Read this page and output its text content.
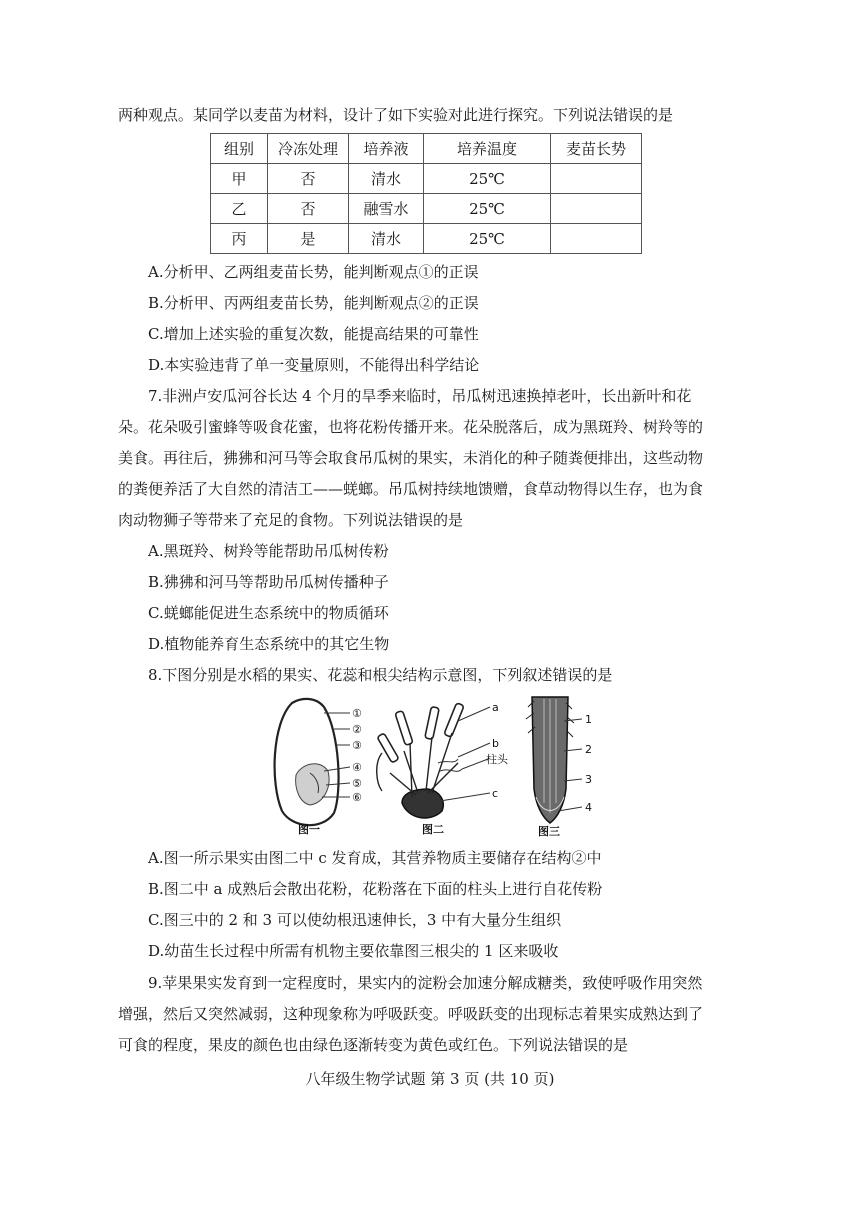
两种观点。某同学以麦苗为材料，设计了如下实验对此进行探究。下列说法错误的是
组别	冷冻处理	培养液	培养温度	麦苗长势
甲	否	清水	25℃	
乙	否	融雪水	25℃	
丙	是	清水	25℃	
A.分析甲、乙两组麦苗长势，能判断观点①的正误
B.分析甲、丙两组麦苗长势，能判断观点②的正误
C.增加上述实验的重复次数，能提高结果的可靠性
D.本实验违背了单一变量原则，不能得出科学结论
7.非洲卢安瓜河谷长达 4 个月的旱季来临时，吊瓜树迅速换掉老叶，长出新叶和花
朵。花朵吸引蜜蜂等吸食花蜜，也将花粉传播开来。花朵脱落后，成为黑斑羚、树羚等的
美食。再往后，狒狒和河马等会取食吊瓜树的果实，未消化的种子随粪便排出，这些动物
的粪便养活了大自然的清洁工——蜣螂。吊瓜树持续地馈赠，食草动物得以生存，也为食
肉动物狮子等带来了充足的食物。下列说法错误的是
A.黑斑羚、树羚等能帮助吊瓜树传粉
B.狒狒和河马等帮助吊瓜树传播种子
C.蜣螂能促进生态系统中的物质循环
D.植物能养育生态系统中的其它生物
8.下图分别是水稻的果实、花蕊和根尖结构示意图，下列叙述错误的是
①
②
③
④
⑤
⑥
图一
a
b
柱头
c
图二
1
2
3
4
图三
A.图一所示果实由图二中 c 发育成，其营养物质主要储存在结构②中
B.图二中 a 成熟后会散出花粉，花粉落在下面的柱头上进行自花传粉
C.图三中的 2 和 3 可以使幼根迅速伸长，3 中有大量分生组织
D.幼苗生长过程中所需有机物主要依靠图三根尖的 1 区来吸收
9.苹果果实发育到一定程度时，果实内的淀粉会加速分解成糖类，致使呼吸作用突然
增强，然后又突然减弱，这种现象称为呼吸跃变。呼吸跃变的出现标志着果实成熟达到了
可食的程度，果皮的颜色也由绿色逐渐转变为黄色或红色。下列说法错误的是
八年级生物学试题 第 3 页 (共 10 页)
